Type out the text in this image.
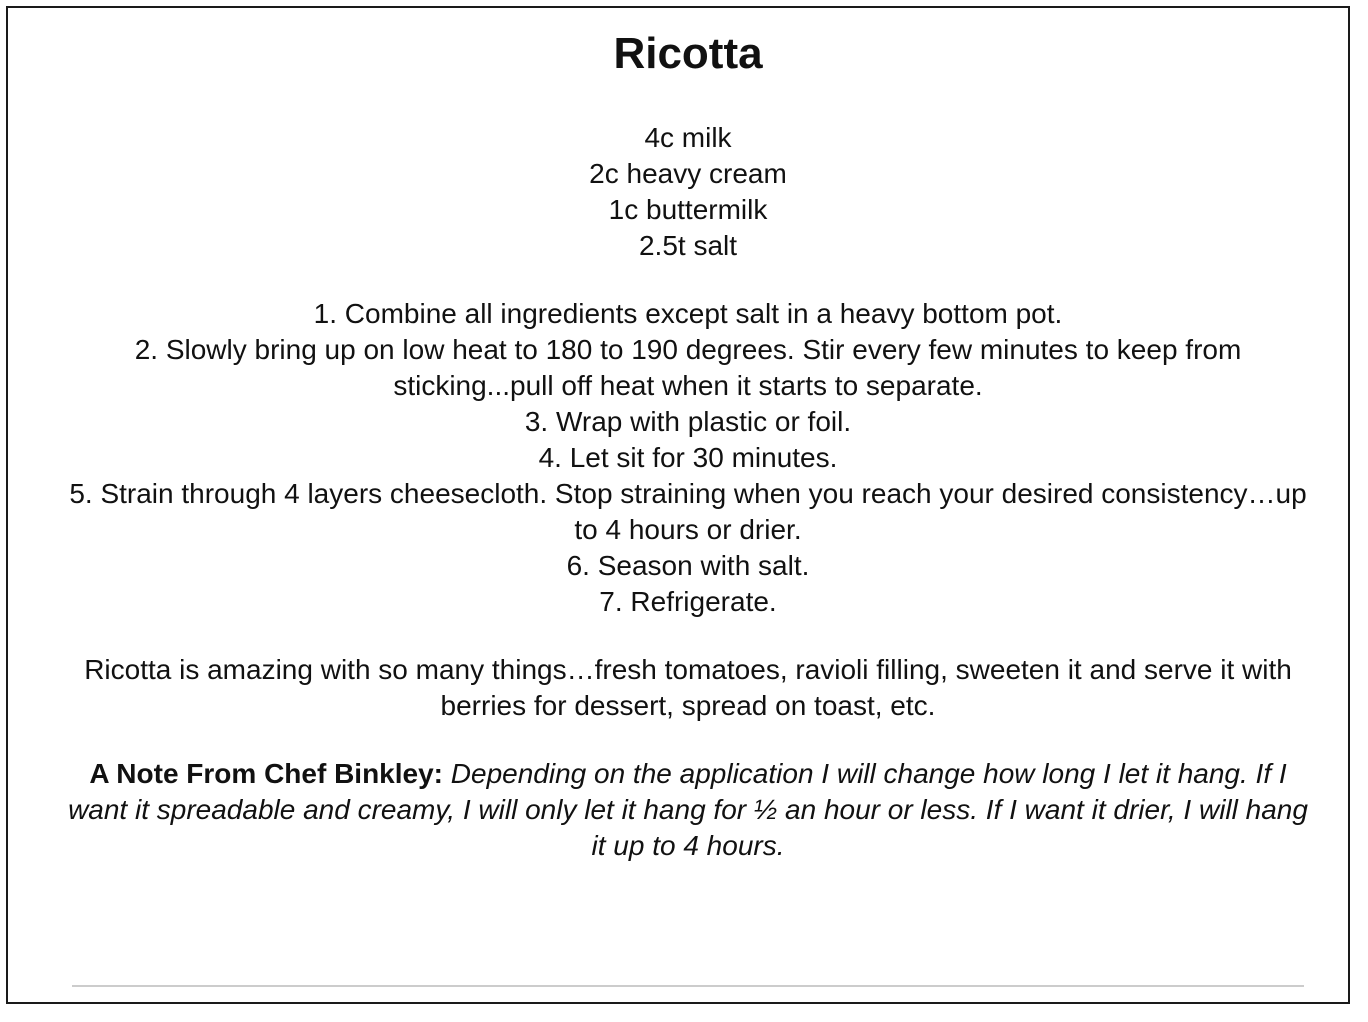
Ricotta
4c milk
2c heavy cream
1c buttermilk
2.5t salt
1. Combine all ingredients except salt in a heavy bottom pot.
2. Slowly bring up on low heat to 180 to 190 degrees. Stir every few minutes to keep from sticking...pull off heat when it starts to separate.
3. Wrap with plastic or foil.
4. Let sit for 30 minutes.
5. Strain through 4 layers cheesecloth. Stop straining when you reach your desired consistency…up to 4 hours or drier.
6. Season with salt.
7. Refrigerate.

Ricotta is amazing with so many things…fresh tomatoes, ravioli filling, sweeten it and serve it with berries for dessert, spread on toast, etc.

A Note From Chef Binkley: Depending on the application I will change how long I let it hang. If I want it spreadable and creamy, I will only let it hang for ½ an hour or less. If I want it drier, I will hang it up to 4 hours.
